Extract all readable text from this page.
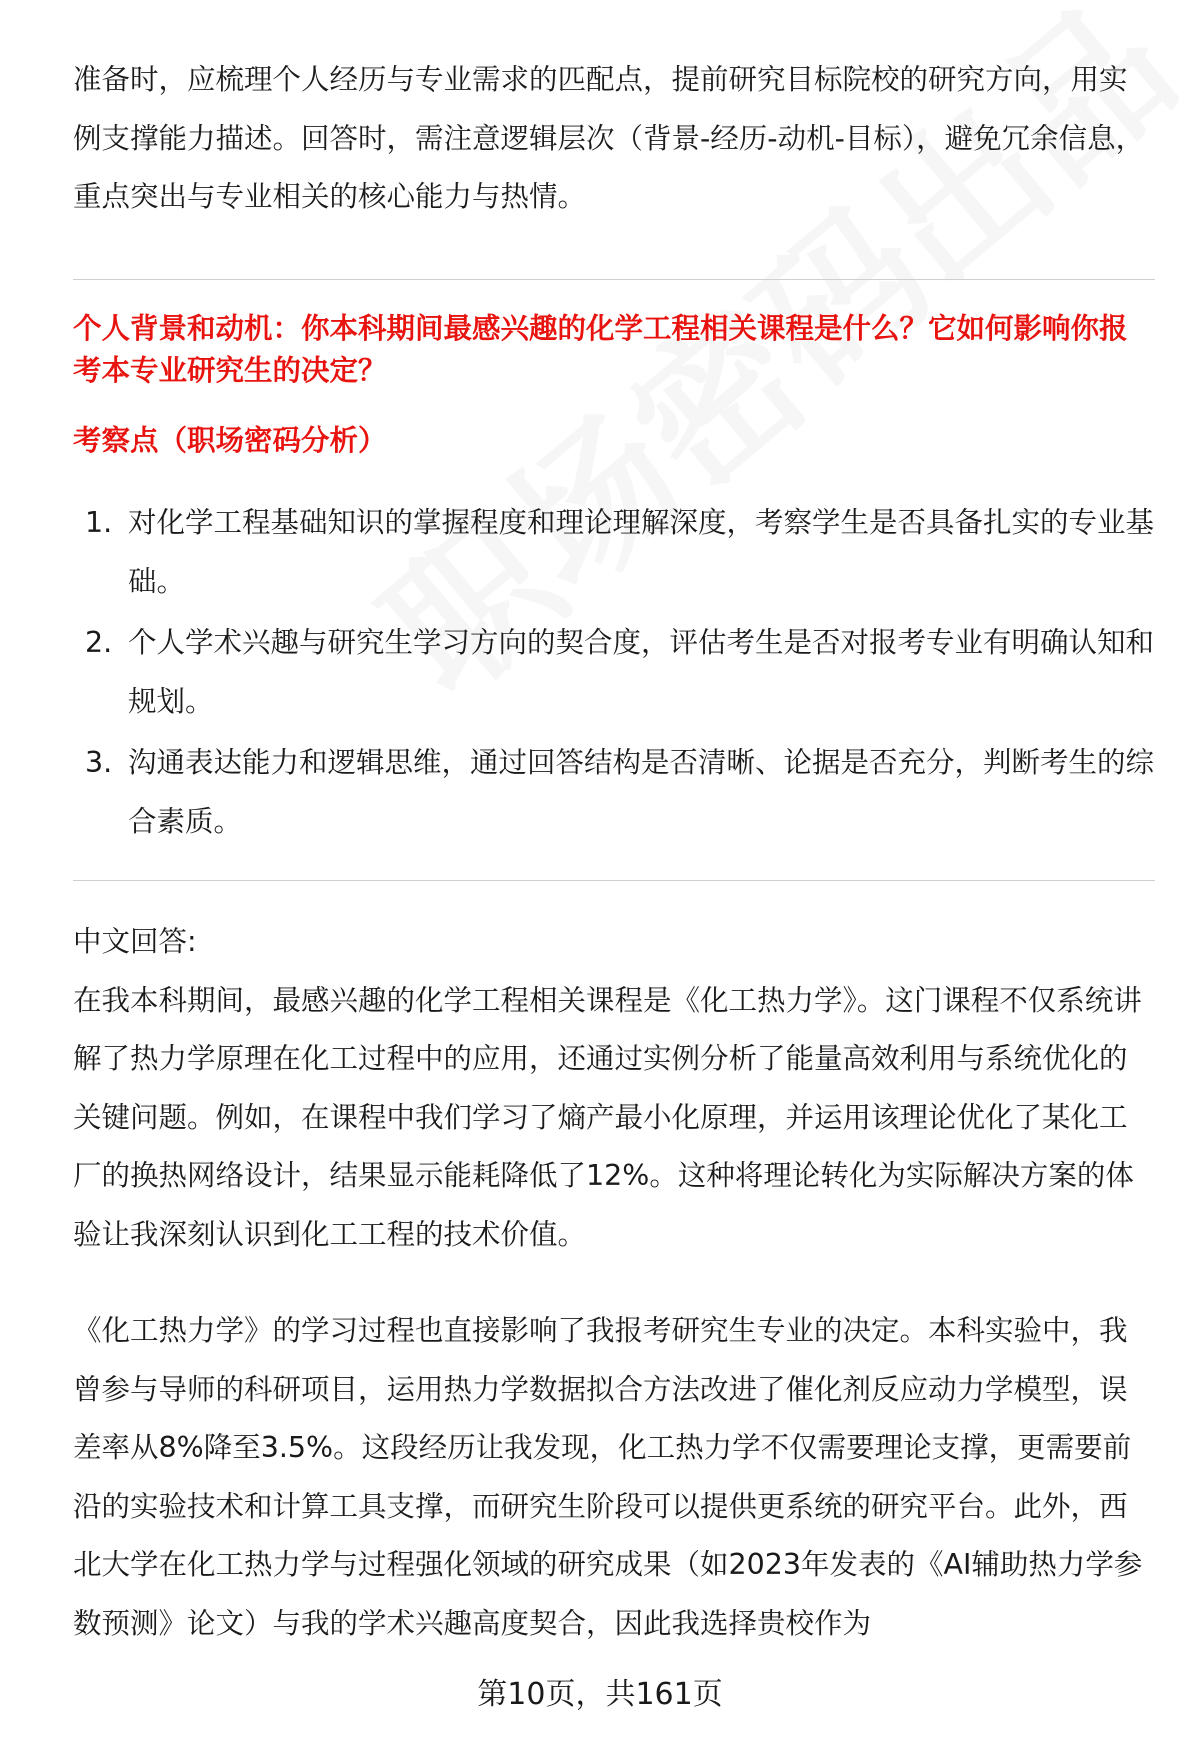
准备时，应梳理个人经历与专业需求的匹配点，提前研究目标院校的研究方向，用实例支撑能力描述。回答时，需注意逻辑层次（背景-经历-动机-目标），避免冗余信息，重点突出与专业相关的核心能力与热情。

个人背景和动机：你本科期间最感兴趣的化学工程相关课程是什么？它如何影响你报考本专业研究生的决定？

考察点（职场密码分析）

1. 对化学工程基础知识的掌握程度和理论理解深度，考察学生是否具备扎实的专业基础。
2. 个人学术兴趣与研究生学习方向的契合度，评估考生是否对报考专业有明确认知和规划。
3. 沟通表达能力和逻辑思维，通过回答结构是否清晰、论据是否充分，判断考生的综合素质。

中文回答:

在我本科期间，最感兴趣的化学工程相关课程是《化工热力学》。这门课程不仅系统讲解了热力学原理在化工过程中的应用，还通过实例分析了能量高效利用与系统优化的关键问题。例如，在课程中我们学习了熵产最小化原理，并运用该理论优化了某化工厂的换热网络设计，结果显示能耗降低了12%。这种将理论转化为实际解决方案的体验让我深刻认识到化工工程的技术价值。

《化工热力学》的学习过程也直接影响了我报考研究生专业的决定。本科实验中，我曾参与导师的科研项目，运用热力学数据拟合方法改进了催化剂反应动力学模型，误差率从8%降至3.5%。这段经历让我发现，化工热力学不仅需要理论支撑，更需要前沿的实验技术和计算工具支撑，而研究生阶段可以提供更系统的研究平台。此外，西北大学在化工热力学与过程强化领域的研究成果（如2023年发表的《AI辅助热力学参数预测》论文）与我的学术兴趣高度契合，因此我选择贵校作为

第10页，共161页
